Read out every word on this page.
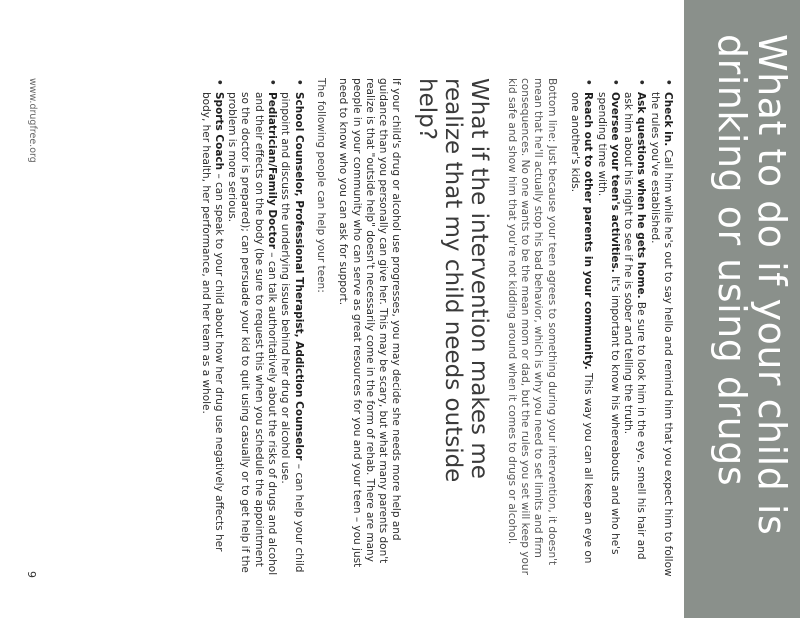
What to do if your child is drinking or using drugs
• Check in. Call him while he's out to say hello and remind him that you expect him to follow the rules you've established.
• Ask questions when he gets home. Be sure to look him in the eye, smell his hair and ask him about his night to see if he is sober and telling the truth.
• Oversee your teen's activities. It's important to know his whereabouts and who he's spending time with.
• Reach out to other parents in your community. This way you can all keep an eye on one another's kids.

Bottom line: Just because your teen agrees to something during your intervention, it doesn't mean that he'll actually stop his bad behavior, which is why you need to set limits and firm consequences. No one wants to be the mean mom or dad, but the rules you set will keep your kid safe and show him that you're not kidding around when it comes to drugs or alcohol.

What if the intervention makes me realize that my child needs outside help?

If your child's drug or alcohol use progresses, you may decide she needs more help and guidance than you personally can give her. This may be scary, but what many parents don't realize is that "outside help" doesn't necessarily come in the form of rehab. There are many people in your community who can serve as great resources for you and your teen – you just need to know who you can ask for support.

The following people can help your teen:

• School Counselor, Professional Therapist, Addiction Counselor – can help your child pinpoint and discuss the underlying issues behind her drug or alcohol use.
• Pediatrician/Family Doctor – can talk authoritatively about the risks of drugs and alcohol and their effects on the body (be sure to request this when you schedule the appointment so the doctor is prepared); can persuade your kid to quit using casually or to get help if the problem is more serious.
• Sports Coach – can speak to your child about how her drug use negatively affects her body, her health, her performance, and her team as a whole.
www.drugfree.org
9
